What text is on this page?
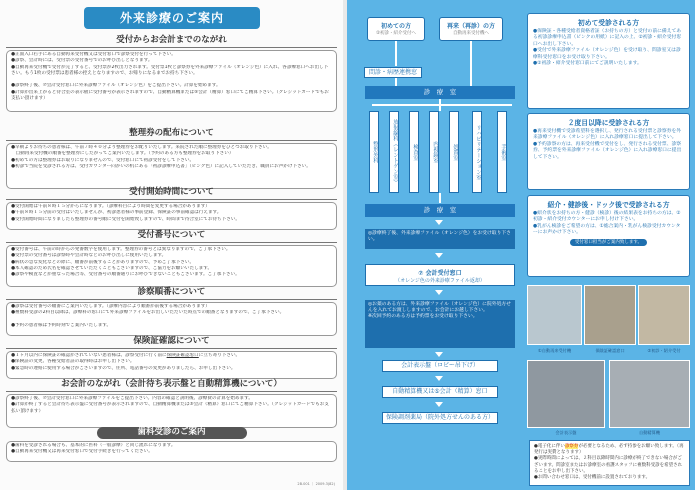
外来診療のご案内
受付からお会計までのながれ

●正面入口右手にある自動再来受付機又は受付窓口で診察受付を行って下さい。

●診察、会計時には、受付票の受付番号でのお呼び出しとなります。

●自動再来受付機で受付が完了すると、受付票が2枚出力されます。受付票1枚と診察券を外来診療ファイル（オレンジ色）に入れ、各診療窓口へお出し下さい。もう1枚の受付票は患者様の控えとなりますので、お帰りになるまでお持ち下さい。

●診察終了後、⑦会計受付窓口に外来診療ファイル（オレンジ色）をご提出下さい。計算を始めます。

●計算が出来上がると待合室の表示板に受付番号が表示されますので、自動精算機または⑤会計（精算）窓口にてご精算下さい。（クレジットカードでもお支払い頂けます）

整理券の配布について

●早朝よりお待ちの患者様は、午前７時４０分より整理券をお配りいたします。来院された順に整理券をひとつお取り下さい。

　自動再来受付機の順番を整理券にしたがってご案内いたします。（予約のある方も整理券をお取り下さい）

●初めての方は整理券はお取りになりませんので、受付窓口にて初診受付をして下さい。

●初診で当院を受診される方は、受付カウンター向かいの机にある「初診診療申込書」（ピンク色）に記入していただき、職員にお声かけ下さい。

受付開始時間について

●受付開始は午前８時１５分からになります。（診療科目により時間を変更する場合があります）

●午前８時１５分前の受付はいたしませんが、初診患者様の事前登録、保険証の事前確認は行えます。

●受付開始時間になりましたら整理券の番号順に受付を開始致しますので、時間まで待合室にてお待ち下さい。

受付番号について

●受付番号は、午前の時からの発番数字を使用します。整理券の番号とは異なりますので、ご了承下さい。

●受付票の受付番号は診察時や会計時などのお呼び出しに使用いたします。

●病状の急な変化などの際に、順番が前後することがありますので、予めご了承下さい。

●本人確認のため氏名を確認させていただくこともございますので、ご協力をお願いいたします。

●診察や検査などが重なった場合等、受付番号の順番通りにお呼びできないこともございます。ご了承下さい。

診察順番について

●診察は受付番号の順番にご案内いたします。（診療内容により順番が前後する場合があります）

●複数科受診の2科目以降は、診療科の窓口にて外来診療ファイルをお出しいただいた時点での順番となりますので、ご了承下さい。

●予約の患者様は予約時刻でご案内いたします。

保険証確認について

●１ヶ月以内に保険証の確認がされていない患者様は、診察受付に行く前に保険証確認窓口に立ち寄り下さい。

●保険証の変更、各種受給者証の取得時はお申し出下さい。

●緊急時の連絡に使用する場合がございますので、住所、電話番号の変更がありましたら、お申し出下さい。

お会計のながれ（会計待ち表示盤と自動精算機について）

●診察終了後、⑦会計受付窓口に外来診療ファイルをご提出下さい。内容の確認と説明後、診療費の計算を始めます。

●計算が終了すると会計待ち表示盤に受付番号が表示されますので、自動精算機または⑤会計（精算）窓口にてご精算下さい。（クレジットカードでもお支払い頂けます）

歯科受診のご案内

●歯科を受診される場合も、基本的に医科（一般診療）と同じ流れになります。

●自動再来受付機又は再来受付窓口で受付手続きを行ってください。

2B.001 ｜ 2009.3(82)
初めての方
②初診・紹介受付へ
再来（再診）の方
自動再来受付機へ
問診・病歴連携窓
診　療　室
整形外科	放射線科（レントゲン室）	検査室	内視鏡室	処置室	リハビリテーション室	手術室
診　療　室
◎診療終了後、外来診療ファイル（オレンジ色）をお受け取り下さい。
⑦ 会計受付窓口
（オレンジ色の外来診療ファイル返却）
◎お薬のある方は、外来診療ファイル（オレンジ色）に院外処方せんを入れてお渡ししますので、お会計にお越し下さい。
※次回予約のある方は予約票をお受け取り下さい。
会計表示盤（ロビー吊下げ）
自動精算機又は⑤会計（精算）窓口
保険調剤薬局（院外処方せんのある方）
初めて受診される方
●保険証・各種受給者資格者証（お持ちの方）と受付の前に備えてある初診診療申込書（ピンクの用紙）に記入の上、②初診・紹介受付窓口へお出し下さい。
●受付で外来診療ファイル（オレンジ色）を受け取り、問診室又は診療科受付窓口をお受け取り下さい。
●②初診・紹介受付窓口前にてご説明いたします。
２度目以降に受診される方
●再来受付機で受診希望科を選択し、発行される受付票と診察券を外来診療ファイル（オレンジ色）に入れ診療窓口に提出して下さい。
●予約診察の方は、再来受付機で受付をし、発行される受付票、診察券、予約票を外来診療ファイル（オレンジ色）に入れ診療窓口に提出して下さい。
紹介・健診後・ドック後で受診される方
●紹介状をお持ちの方・健診（検診）後の結果表をお持ちの方は、②初診・紹介受付カウンターにお申し付け下さい。
●乳がん検診をご希望の方は、①総合案内・乳がん検診受付カウンターにお声かけ下さい。
受付窓口担当がご案内致します。
①自動再来受付機	保険証確認窓口	②初診・紹介受付
会計表示盤	自動精算機
●電子化に伴い診察券が必要となるため、必ず持参をお願い致します。（再発行は実費となります）
●実際時間によっては、２科目以降時間内に診療が終了できない場合がございます。問診室またはお診療室の看護スタッフに複数科受診を希望されることをお申し出下さい。
●お問い合わせ窓口は、受付機前に設置されております。
